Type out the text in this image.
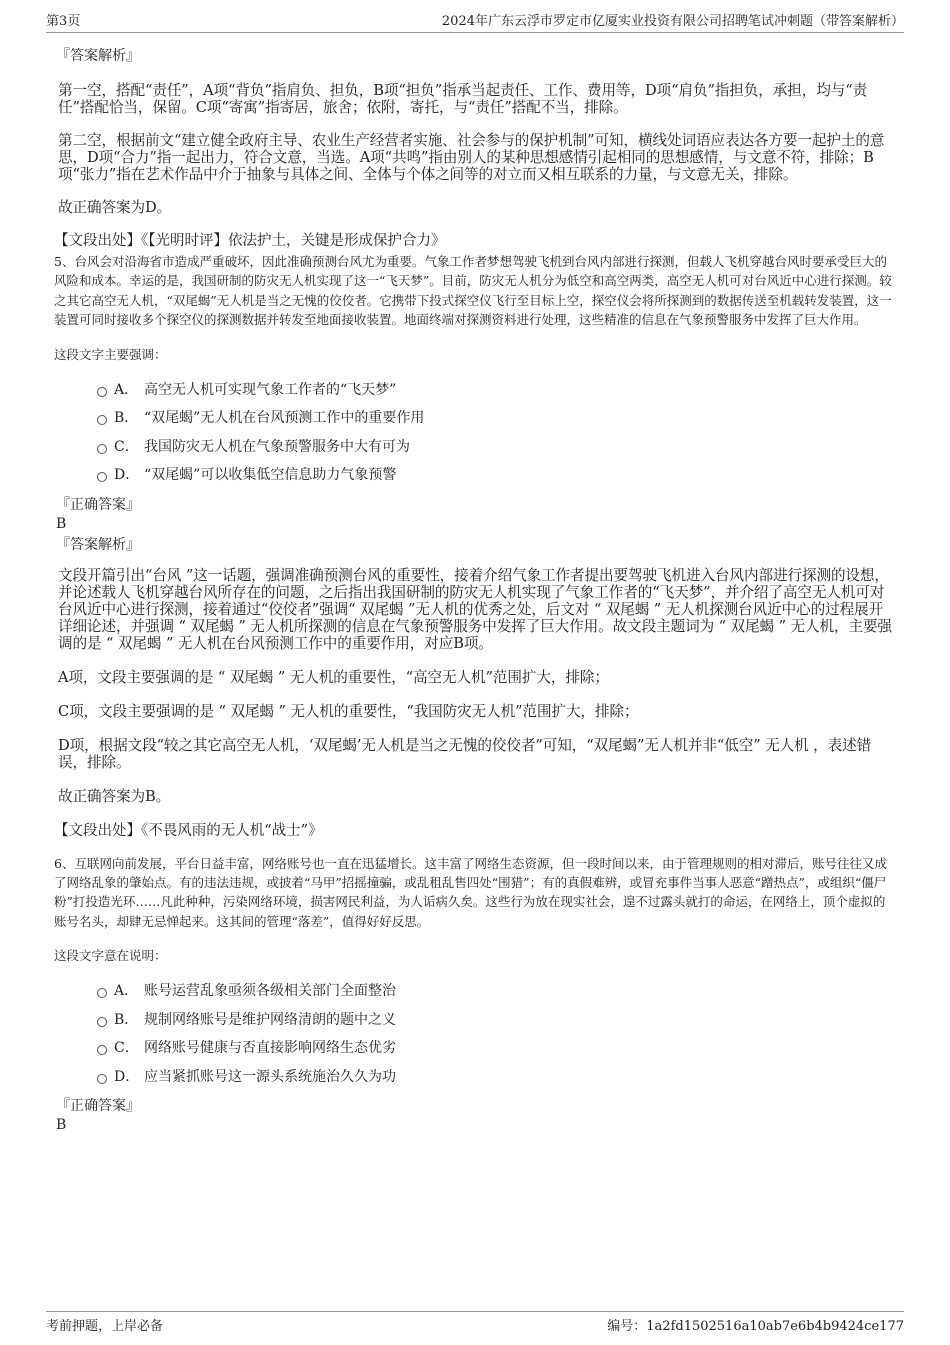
第3页	2024年广东云浮市罗定市亿厦实业投资有限公司招聘笔试冲刺题（带答案解析）

『答案解析』

第一空，搭配“责任”，A项“背负”指肩负、担负，B项“担负”指承当起责任、工作、费用等，D项“肩负”指担负，承担，均与“责任”搭配恰当，保留。C项“寄寓”指寄居，旅舍；依附，寄托，与“责任”搭配不当，排除。

第二空，根据前文“建立健全政府主导、农业生产经营者实施、社会参与的保护机制”可知，横线处词语应表达各方要一起护土的意思，D项“合力”指一起出力，符合文意，当选。A项“共鸣”指由别人的某种思想感情引起相同的思想感情，与文意不符，排除；B项“张力”指在艺术作品中介于抽象与具体之间、全体与个体之间等的对立而又相互联系的力量，与文意无关，排除。

故正确答案为D。

【文段出处】《【光明时评】依法护土，关键是形成保护合力》

5、台风会对沿海省市造成严重破坏，因此准确预测台风尤为重要。气象工作者梦想驾驶飞机到台风内部进行探测，但载人飞机穿越台风时要承受巨大的风险和成本。幸运的是，我国研制的防灾无人机实现了这一“飞天梦”。目前，防灾无人机分为低空和高空两类，高空无人机可对台风近中心进行探测。较之其它高空无人机，“双尾蝎”无人机是当之无愧的佼佼者。它携带下投式探空仪飞行至目标上空，探空仪会将所探测到的数据传送至机载转发装置，这一装置可同时接收多个探空仪的探测数据并转发至地面接收装置。地面终端对探测资料进行处理，这些精准的信息在气象预警服务中发挥了巨大作用。

这段文字主要强调：

A． 高空无人机可实现气象工作者的“飞天梦”
B． “双尾蝎”无人机在台风预测工作中的重要作用
C． 我国防灾无人机在气象预警服务中大有可为
D． “双尾蝎”可以收集低空信息助力气象预警

『正确答案』

B

『答案解析』

文段开篇引出“台风 ”这一话题，强调准确预测台风的重要性，接着介绍气象工作者提出要驾驶飞机进入台风内部进行探测的设想，并论述载人飞机穿越台风所存在的问题，之后指出我国研制的防灾无人机实现了气象工作者的“飞天梦”，并介绍了高空无人机可对台风近中心进行探测，接着通过“佼佼者”强调“ 双尾蝎 ”无人机的优秀之处，后文对 “ 双尾蝎 ” 无人机探测台风近中心的过程展开详细论述，并强调 “ 双尾蝎 ” 无人机所探测的信息在气象预警服务中发挥了巨大作用。故文段主题词为 “ 双尾蝎 ” 无人机，主要强调的是 “ 双尾蝎 ” 无人机在台风预测工作中的重要作用，对应B项。

A项，文段主要强调的是 “ 双尾蝎 ” 无人机的重要性，“高空无人机”范围扩大，排除；

C项，文段主要强调的是 “ 双尾蝎 ” 无人机的重要性，“我国防灾无人机”范围扩大，排除；

D项，根据文段“较之其它高空无人机，‘双尾蝎’无人机是当之无愧的佼佼者”可知，“双尾蝎”无人机并非“低空” 无人机 ，表述错误，排除。

故正确答案为B。

【文段出处】《不畏风雨的无人机“战士”》

6、互联网向前发展，平台日益丰富，网络账号也一直在迅猛增长。这丰富了网络生态资源，但一段时间以来，由于管理规则的相对滞后，账号往往又成了网络乱象的肇始点。有的违法违规，或披着“马甲”招摇撞骗，或乱租乱售四处“围猎”；有的真假难辨，或冒充事件当事人恶意“蹭热点”，或组织“僵尸粉”打投造光环……凡此种种，污染网络环境，损害网民利益，为人诟病久矣。这些行为放在现实社会，遑不过露头就打的命运，在网络上，顶个虚拟的账号名头，却肆无忌惮起来。这其间的管理“落差”，值得好好反思。

这段文字意在说明：

A． 账号运营乱象亟须各级相关部门全面整治
B． 规制网络账号是维护网络清朗的题中之义
C． 网络账号健康与否直接影响网络生态优劣
D． 应当紧抓账号这一源头系统施治久久为功

『正确答案』

B

考前押题，上岸必备	编号：1a2fd1502516a10ab7e6b4b9424ce177
